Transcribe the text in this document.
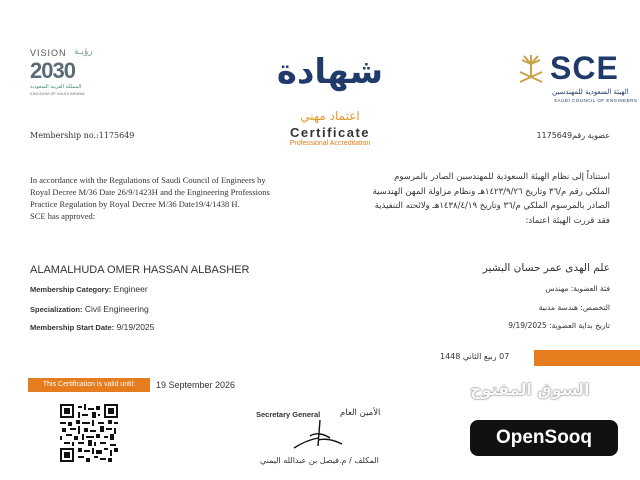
VISION رؤيـة
2030
المملكة العربية السعودية
KINGDOM OF SAUDI ARABIA
SCE
الهيئة السعودية للمهندسين
SAUDI COUNCIL OF ENGINEERS
شهادة
اعتماد مهني
Certificate
Professional Accreditation
Membership no.:1175649	عضوية رقم1175649
In accordance with the Regulations of Saudi Council of Engineers by
Royal Decree M/36 Date 26/9/1423H and the Engineering Professions
Practice Regulation by Royal Decree M/36 Date19/4/1438 H.
SCE has approved:
استناداً إلى نظام الهيئة السعودية للمهندسين الصادر بالمرسوم
الملكي رقم م/٣٦ وتاريخ ١٤٢٣/٩/٢٦هـ ونظام مزاولة المهن الهندسية
الصادر بالمرسوم الملكي م/٣٦ وتاريخ ١٤٣٨/٤/١٩هـ ولائحته التنفيذية
فقد قررت الهيئة اعتماد:
ALAMALHUDA OMER HASSAN ALBASHER	علم الهدى عمر حسان البشير
Membership Category: Engineer
Specialization: Civil Engineering
Membership Start Date: 9/19/2025
فئة العضوية: مهندس
التخصص: هندسة مدنية
تاريخ بداية العضوية: 9/19/2025
This Certification is valid until:	19 September 2026
07 ربيع الثاني 1448
Secretary General الأمين العام
المكلف / م.فيصل بن عبدالله اليمني
السوق المفتوح
OpenSooq
